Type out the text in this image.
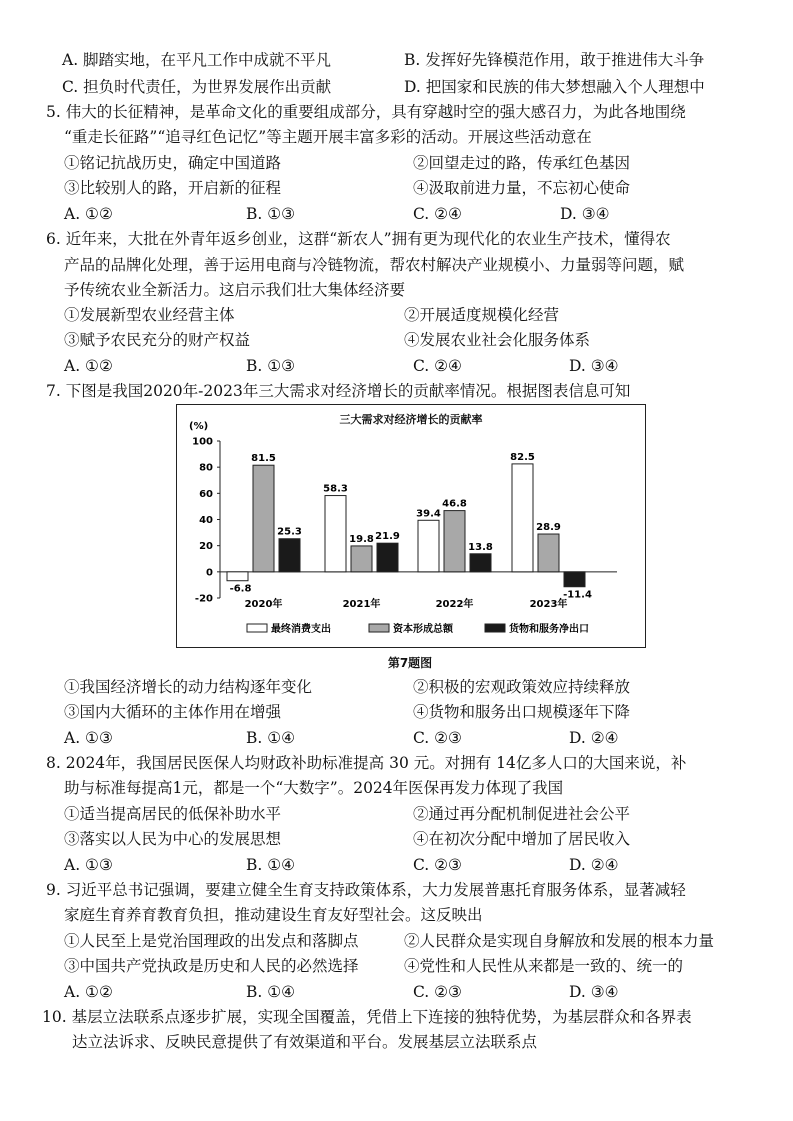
A. 脚踏实地，在平凡工作中成就不平凡	B. 发挥好先锋模范作用，敢于推进伟大斗争
C. 担负时代责任，为世界发展作出贡献	D. 把国家和民族的伟大梦想融入个人理想中
5. 伟大的长征精神，是革命文化的重要组成部分，具有穿越时空的强大感召力，为此各地围绕
“重走长征路”“追寻红色记忆”等主题开展丰富多彩的活动。开展这些活动意在
①铭记抗战历史，确定中国道路	②回望走过的路，传承红色基因
③比较别人的路，开启新的征程	④汲取前进力量，不忘初心使命
A. ①②	B. ①③	C. ②④	D. ③④
6. 近年来，大批在外青年返乡创业，这群“新农人”拥有更为现代化的农业生产技术，懂得农
产品的品牌化处理，善于运用电商与冷链物流，帮农村解决产业规模小、力量弱等问题，赋
予传统农业全新活力。这启示我们壮大集体经济要
①发展新型农业经营主体	②开展适度规模化经营
③赋予农民充分的财产权益	④发展农业社会化服务体系
A. ①②	B. ①③	C. ②④	D. ③④
7. 下图是我国2020年-2023年三大需求对经济增长的贡献率情况。根据图表信息可知
三大需求对经济增长的贡献率
(%)
-20
0
20
40
60
80
100
-6.8
81.5
25.3
2020年
58.3
19.8 21.9
2021年
39.4
46.8
13.8
2022年
82.5
28.9
-11.4
2023年
最终消费支出	资本形成总额	货物和服务净出口
第7题图
①我国经济增长的动力结构逐年变化	②积极的宏观政策效应持续释放
③国内大循环的主体作用在增强	④货物和服务出口规模逐年下降
A. ①③	B. ①④	C. ②③	D. ②④
8. 2024年，我国居民医保人均财政补助标准提高 30 元。对拥有 14亿多人口的大国来说，补
助与标准每提高1元，都是一个“大数字”。2024年医保再发力体现了我国
①适当提高居民的低保补助水平	②通过再分配机制促进社会公平
③落实以人民为中心的发展思想	④在初次分配中增加了居民收入
A. ①③	B. ①④	C. ②③	D. ②④
9. 习近平总书记强调，要建立健全生育支持政策体系，大力发展普惠托育服务体系，显著减轻
家庭生育养育教育负担，推动建设生育友好型社会。这反映出
①人民至上是党治国理政的出发点和落脚点	②人民群众是实现自身解放和发展的根本力量
③中国共产党执政是历史和人民的必然选择	④党性和人民性从来都是一致的、统一的
A. ①②	B. ①④	C. ②③	D. ③④
10. 基层立法联系点逐步扩展，实现全国覆盖，凭借上下连接的独特优势，为基层群众和各界表
达立法诉求、反映民意提供了有效渠道和平台。发展基层立法联系点
